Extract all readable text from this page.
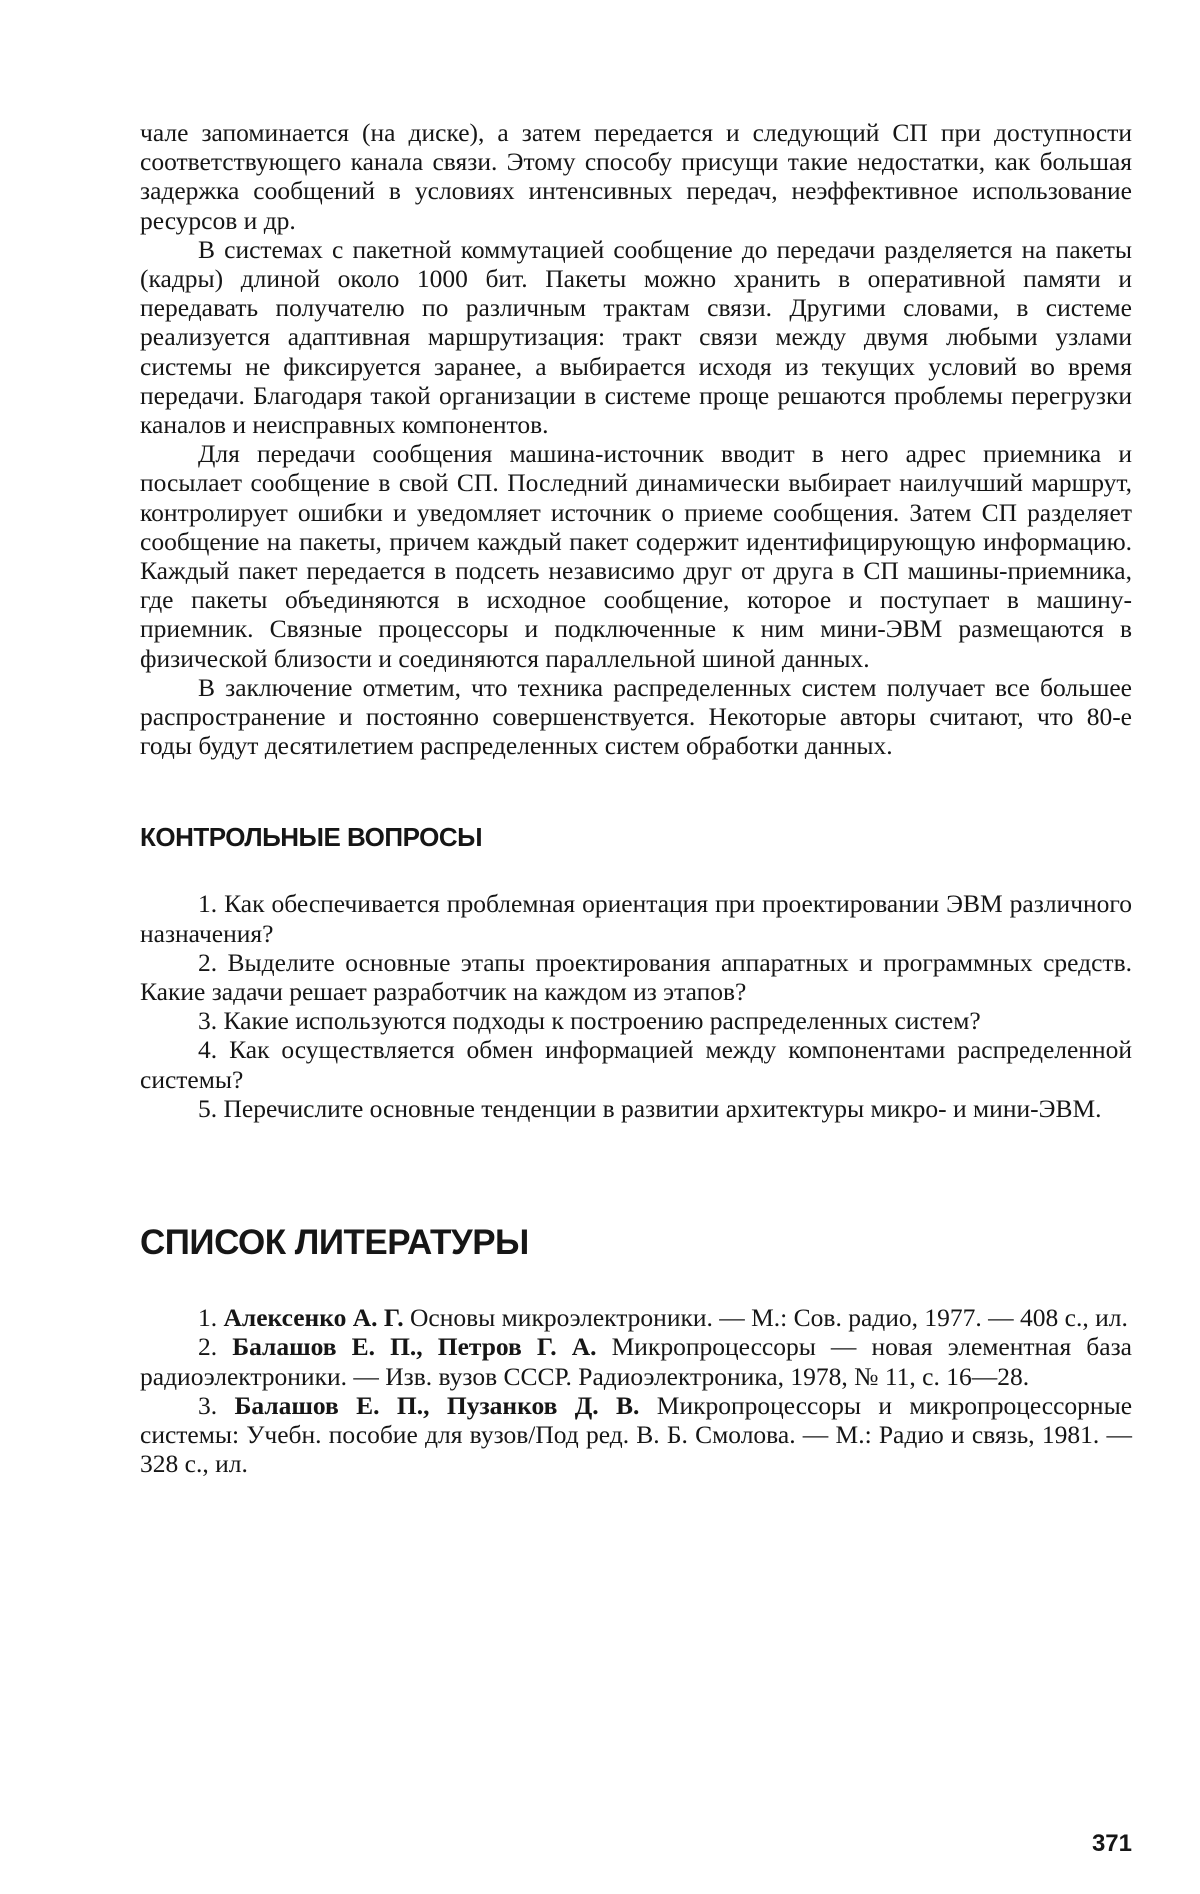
чале запоминается (на диске), а затем передается и следующий СП при доступности соответствующего канала связи. Этому способу присущи такие недостатки, как большая задержка сообщений в условиях интенсивных передач, неэффективное использование ресурсов и др.

В системах с пакетной коммутацией сообщение до передачи разделяется на пакеты (кадры) длиной около 1000 бит. Пакеты можно хранить в оперативной памяти и передавать получателю по различным трактам связи. Другими словами, в системе реализуется адаптивная маршрутизация: тракт связи между двумя любыми узлами системы не фиксируется заранее, а выбирается исходя из текущих условий во время передачи. Благодаря такой организации в системе проще решаются проблемы перегрузки каналов и неисправных компонентов.

Для передачи сообщения машина-источник вводит в него адрес приемника и посылает сообщение в свой СП. Последний динамически выбирает наилучший маршрут, контролирует ошибки и уведомляет источник о приеме сообщения. Затем СП разделяет сообщение на пакеты, причем каждый пакет содержит идентифицирующую информацию. Каждый пакет передается в подсеть независимо друг от друга в СП машины-приемника, где пакеты объединяются в исходное сообщение, которое и поступает в машину-приемник. Связные процессоры и подключенные к ним мини-ЭВМ размещаются в физической близости и соединяются параллельной шиной данных.

В заключение отметим, что техника распределенных систем получает все большее распространение и постоянно совершенствуется. Некоторые авторы считают, что 80-е годы будут десятилетием распределенных систем обработки данных.

КОНТРОЛЬНЫЕ ВОПРОСЫ
1. Как обеспечивается проблемная ориентация при проектировании ЭВМ различного назначения?
2. Выделите основные этапы проектирования аппаратных и программных средств. Какие задачи решает разработчик на каждом из этапов?
3. Какие используются подходы к построению распределенных систем?
4. Как осуществляется обмен информацией между компонентами распределенной системы?
5. Перечислите основные тенденции в развитии архитектуры микро- и мини-ЭВМ.
СПИСОК ЛИТЕРАТУРЫ
1. Алексенко А. Г. Основы микроэлектроники. — М.: Сов. радио, 1977. — 408 с., ил.
2. Балашов Е. П., Петров Г. А. Микропроцессоры — новая элементная база радиоэлектроники. — Изв. вузов СССР. Радиоэлектроника, 1978, № 11, с. 16—28.
3. Балашов Е. П., Пузанков Д. В. Микропроцессоры и микропроцессорные системы: Учебн. пособие для вузов/Под ред. В. Б. Смолова. — М.: Радио и связь, 1981. — 328 с., ил.
371
